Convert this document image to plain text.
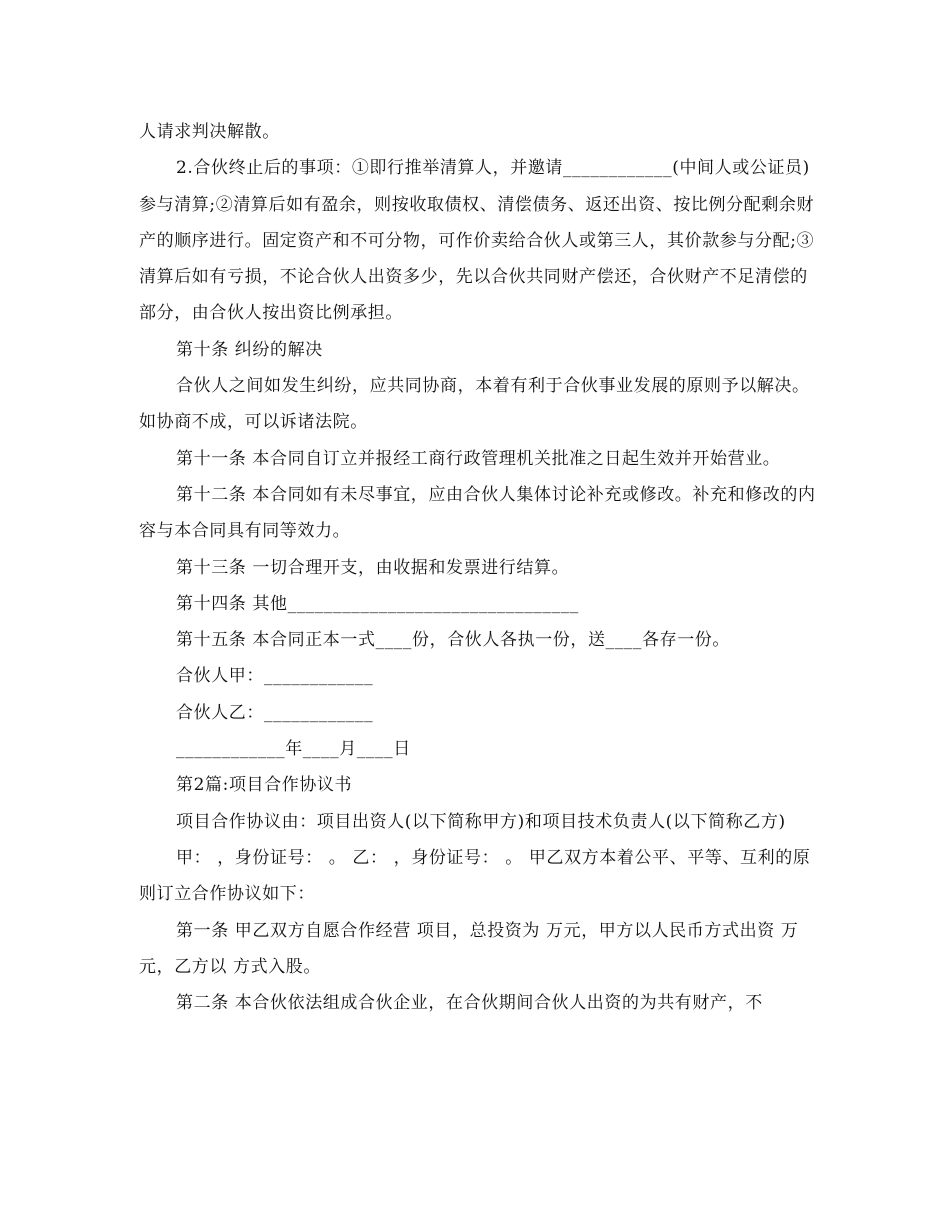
人请求判决解散。

2.合伙终止后的事项：①即行推举清算人，并邀请____________(中间人或公证员)参与清算;②清算后如有盈余，则按收取债权、清偿债务、返还出资、按比例分配剩余财产的顺序进行。固定资产和不可分物，可作价卖给合伙人或第三人，其价款参与分配;③清算后如有亏损，不论合伙人出资多少，先以合伙共同财产偿还，合伙财产不足清偿的部分，由合伙人按出资比例承担。

第十条 纠纷的解决

合伙人之间如发生纠纷，应共同协商，本着有利于合伙事业发展的原则予以解决。如协商不成，可以诉诸法院。

第十一条 本合同自订立并报经工商行政管理机关批准之日起生效并开始营业。

第十二条 本合同如有未尽事宜，应由合伙人集体讨论补充或修改。补充和修改的内容与本合同具有同等效力。

第十三条 一切合理开支，由收据和发票进行结算。

第十四条 其他________________________________

第十五条 本合同正本一式____份，合伙人各执一份，送____各存一份。

合伙人甲：____________

合伙人乙：____________

____________年____月____日

第2篇:项目合作协议书

项目合作协议由：项目出资人(以下简称甲方)和项目技术负责人(以下简称乙方)

甲： ，身份证号： 。 乙： ，身份证号： 。 甲乙双方本着公平、平等、互利的原则订立合作协议如下：

第一条 甲乙双方自愿合作经营 项目，总投资为 万元，甲方以人民币方式出资 万元，乙方以 方式入股。

第二条 本合伙依法组成合伙企业，在合伙期间合伙人出资的为共有财产，不
